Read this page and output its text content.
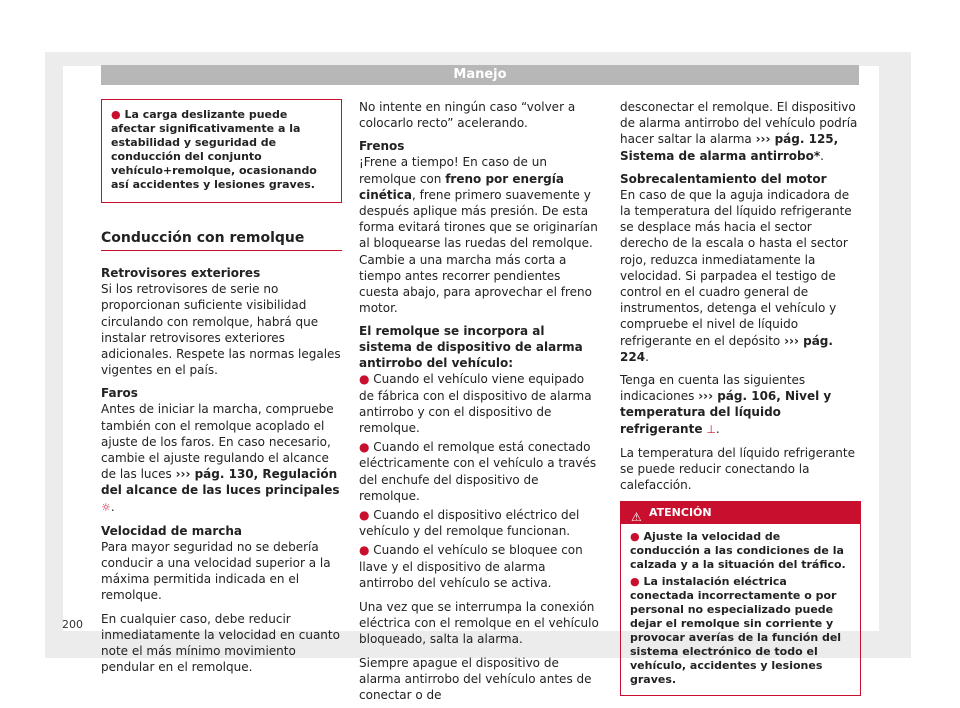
Manejo
● La carga deslizante puede afectar significativamente a la estabilidad y seguridad de conducción del conjunto vehículo+remolque, ocasionando así accidentes y lesiones graves.
Conducción con remolque
Retrovisores exteriores

Si los retrovisores de serie no proporcionan suficiente visibilidad circulando con remolque, habrá que instalar retrovisores exteriores adicionales. Respete las normas legales vigentes en el país.

Faros

Antes de iniciar la marcha, compruebe también con el remolque acoplado el ajuste de los faros. En caso necesario, cambie el ajuste regulando el alcance de las luces ››› pág. 130, Regulación del alcance de las luces principales ☼.

Velocidad de marcha

Para mayor seguridad no se debería conducir a una velocidad superior a la máxima permitida indicada en el remolque.

En cualquier caso, debe reducir inmediatamente la velocidad en cuanto note el más mínimo movimiento pendular en el remolque.

No intente en ningún caso “volver a colocarlo recto” acelerando.

Frenos

¡Frene a tiempo! En caso de un remolque con freno por energía cinética, frene primero suavemente y después aplique más presión. De esta forma evitará tirones que se originarían al bloquearse las ruedas del remolque. Cambie a una marcha más corta a tiempo antes recorrer pendientes cuesta abajo, para aprovechar el freno motor.

El remolque se incorpora al sistema de dispositivo de alarma antirrobo del vehículo:
● Cuando el vehículo viene equipado de fábrica con el dispositivo de alarma antirrobo y con el dispositivo de remolque.
● Cuando el remolque está conectado eléctricamente con el vehículo a través del enchufe del dispositivo de remolque.
● Cuando el dispositivo eléctrico del vehículo y del remolque funcionan.
● Cuando el vehículo se bloquee con llave y el dispositivo de alarma antirrobo del vehículo se activa.

Una vez que se interrumpa la conexión eléctrica con el remolque en el vehículo bloqueado, salta la alarma.

Siempre apague el dispositivo de alarma antirrobo del vehículo antes de conectar o de

desconectar el remolque. El dispositivo de alarma antirrobo del vehículo podría hacer saltar la alarma ››› pág. 125, Sistema de alarma antirrobo*.

Sobrecalentamiento del motor

En caso de que la aguja indicadora de la temperatura del líquido refrigerante se desplace más hacia el sector derecho de la escala o hasta el sector rojo, reduzca inmediatamente la velocidad. Si parpadea el testigo de control en el cuadro general de instrumentos, detenga el vehículo y compruebe el nivel de líquido refrigerante en el depósito ››› pág. 224.

Tenga en cuenta las siguientes indicaciones ››› pág. 106, Nivel y temperatura del líquido refrigerante ⊥.

La temperatura del líquido refrigerante se puede reducir conectando la calefacción.

⚠ ATENCIÓN
● Ajuste la velocidad de conducción a las condiciones de la calzada y a la situación del tráfico.
● La instalación eléctrica conectada incorrectamente o por personal no especializado puede dejar el remolque sin corriente y provocar averías de la función del sistema electrónico de todo el vehículo, accidentes y lesiones graves.
200
